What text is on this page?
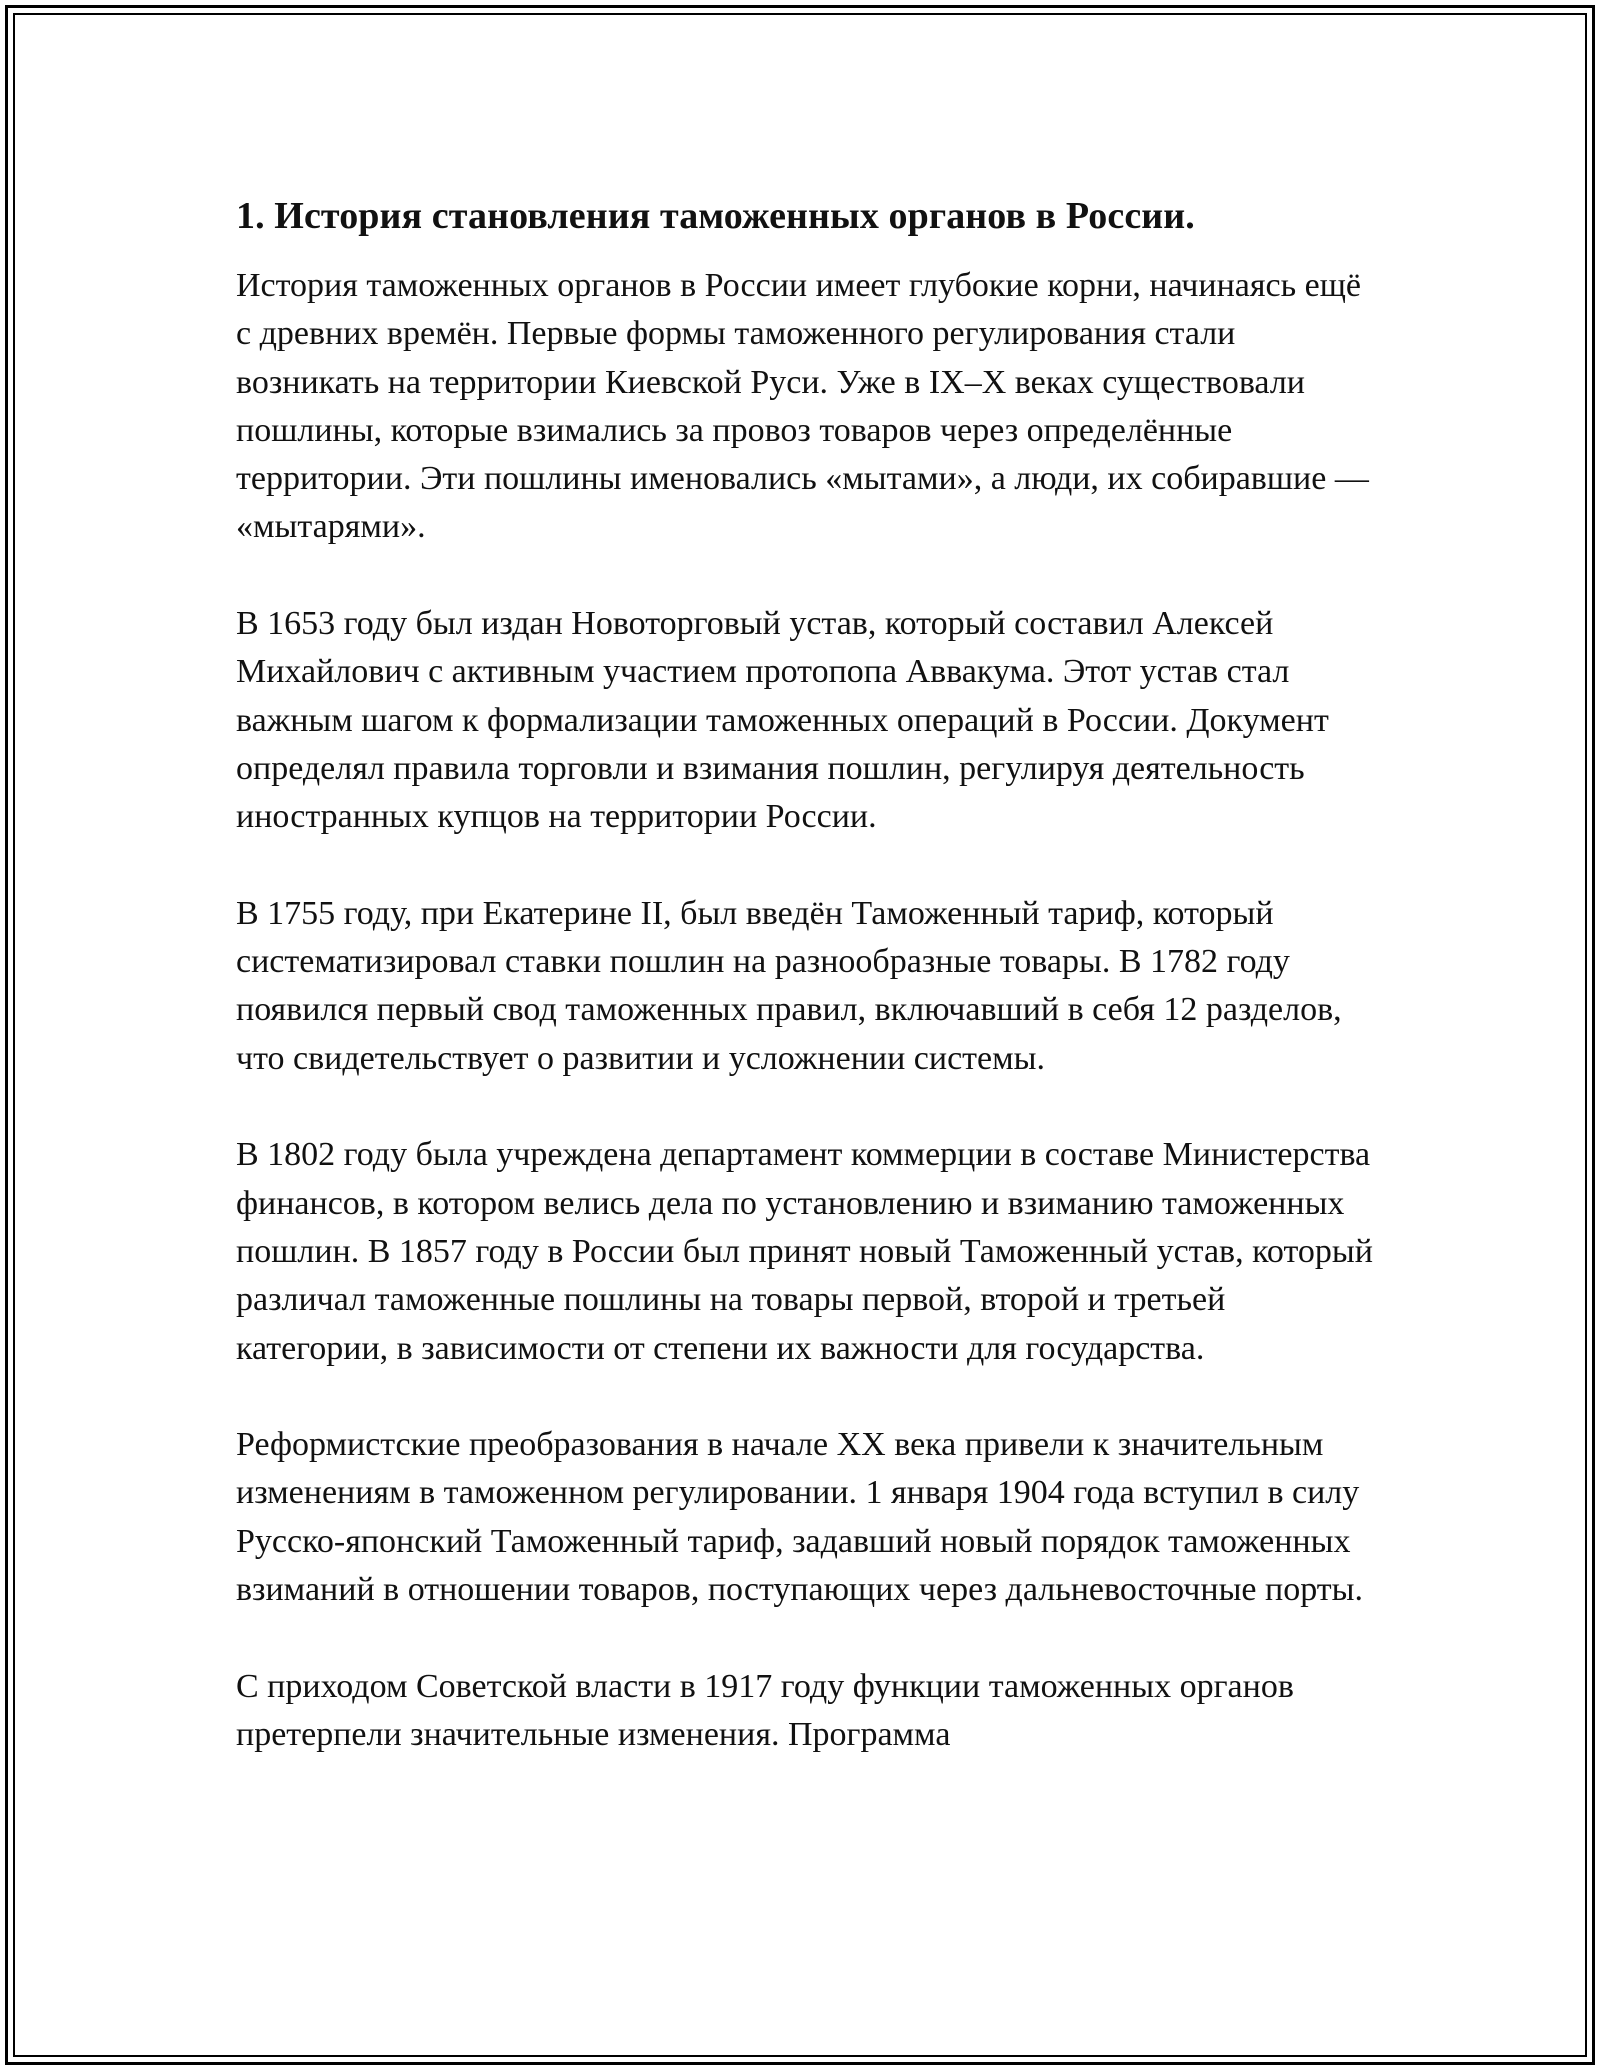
1. История становления таможенных органов в России.

История таможенных органов в России имеет глубокие корни, начинаясь ещё с древних времён. Первые формы таможенного регулирования стали возникать на территории Киевской Руси. Уже в IX–X веках существовали пошлины, которые взимались за провоз товаров через определённые территории. Эти пошлины именовались «мытами», а люди, их собиравшие — «мытарями».

В 1653 году был издан Новоторговый устав, который составил Алексей Михайлович с активным участием протопопа Аввакума. Этот устав стал важным шагом к формализации таможенных операций в России. Документ определял правила торговли и взимания пошлин, регулируя деятельность иностранных купцов на территории России.

В 1755 году, при Екатерине II, был введён Таможенный тариф, который систематизировал ставки пошлин на разнообразные товары. В 1782 году появился первый свод таможенных правил, включавший в себя 12 разделов, что свидетельствует о развитии и усложнении системы.

В 1802 году была учреждена департамент коммерции в составе Министерства финансов, в котором велись дела по установлению и взиманию таможенных пошлин. В 1857 году в России был принят новый Таможенный устав, который различал таможенные пошлины на товары первой, второй и третьей категории, в зависимости от степени их важности для государства.

Реформистские преобразования в начале XX века привели к значительным изменениям в таможенном регулировании. 1 января 1904 года вступил в силу Русско-японский Таможенный тариф, задавший новый порядок таможенных взиманий в отношении товаров, поступающих через дальневосточные порты.

С приходом Советской власти в 1917 году функции таможенных органов претерпели значительные изменения. Программа
